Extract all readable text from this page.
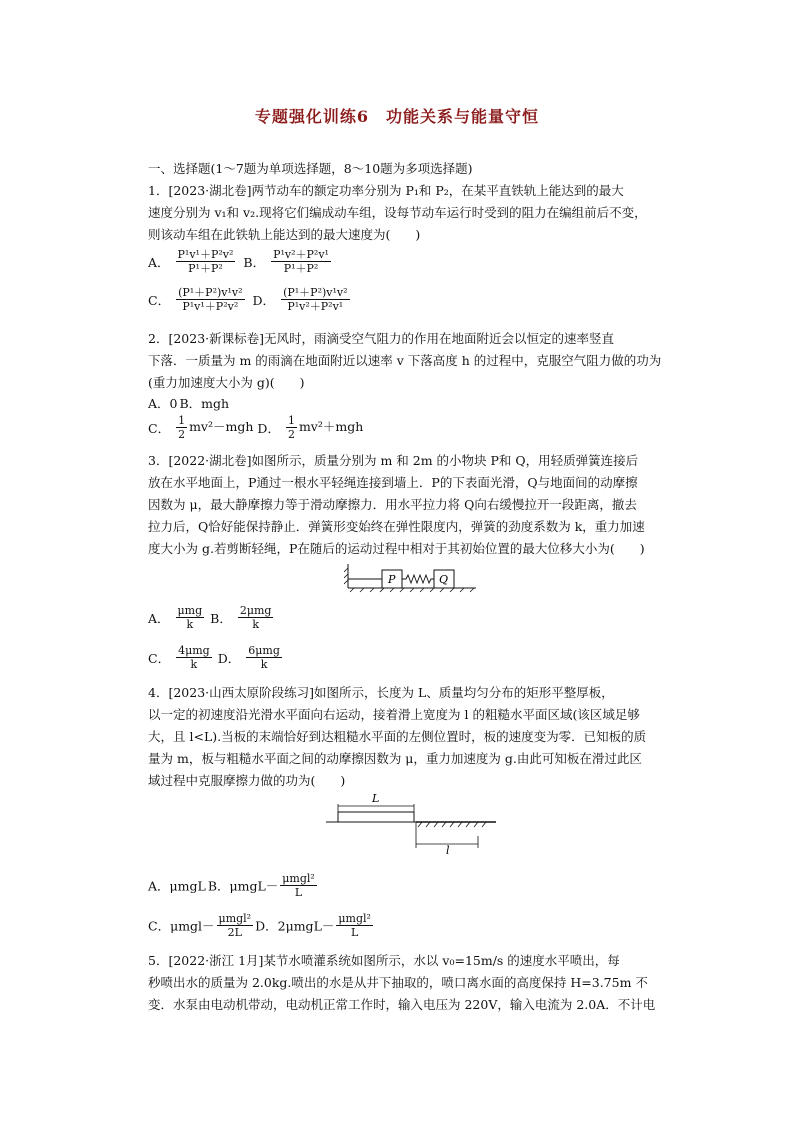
专题强化训练6　功能关系与能量守恒
一、选择题(1～7题为单项选择题，8～10题为多项选择题)
1．[2023·湖北卷]两节动车的额定功率分别为 P₁和 P₂，在某平直铁轨上能达到的最大
速度分别为 v₁和 v₂.现将它们编成动车组，设每节动车运行时受到的阻力在编组前后不变，
则该动车组在此铁轨上能达到的最大速度为(　　)
A． $\frac{\text{P¹v¹＋P²v²}}{\text{P¹＋P²}}$ B． $\frac{\text{P¹v²＋P²v¹}}{\text{P¹＋P²}}$
C． $\frac{\text{(P¹＋P²)v¹v²}}{\text{P¹v¹＋P²v²}}$ D． $\frac{\text{(P¹＋P²)v¹v²}}{\text{P¹v²＋P²v¹}}$
2．[2023·新课标卷]无风时，雨滴受空气阻力的作用在地面附近会以恒定的速率竖直
下落．一质量为 m 的雨滴在地面附近以速率 v 下落高度 h 的过程中，克服空气阻力做的功为
(重力加速度大小为 g)(　　)
A．0 B．mgh
C． $\frac{1}{2} mv^2-mgh$ D． $\frac{1}{2} mv^2+mgh$
3．[2022·湖北卷]如图所示，质量分别为 m 和 2m 的小物块 P和 Q，用轻质弹簧连接后
放在水平地面上，P通过一根水平轻绳连接到墙上．P的下表面光滑，Q与地面间的动摩擦
因数为 μ，最大静摩擦力等于滑动摩擦力．用水平拉力将 Q向右缓慢拉开一段距离，撤去
拉力后，Q恰好能保持静止．弹簧形变始终在弹性限度内，弹簧的劲度系数为 k，重力加速
度大小为 g.若剪断轻绳，P在随后的运动过程中相对于其初始位置的最大位移大小为(　　)
P	Q
A． $\frac{\text{μmg}}{k}$ B． $\frac{\text{2μmg}}{k}$
C． $\frac{\text{4μmg}}{k}$ D． $\frac{\text{6μmg}}{k}$
4．[2023·山西太原阶段练习]如图所示，长度为 L、质量均匀分布的矩形平整厚板，
以一定的初速度沿光滑水平面向右运动，接着滑上宽度为 l 的粗糙水平面区域(该区域足够
大，且 l<L).当板的末端恰好到达粗糙水平面的左侧位置时，板的速度变为零．已知板的质
量为 m，板与粗糙水平面之间的动摩擦因数为 μ，重力加速度为 g.由此可知板在滑过此区
域过程中克服摩擦力做的功为(　　)
L
l
A．μmgL B．$\mu mgL- \frac{\text{μmgl²}}{L}$
C．$\mu mgl- \frac{\text{μmgl²}}{2L}$ D．$2\mu mgL- \frac{\text{μmgl²}}{L}$
5．[2022·浙江 1月]某节水喷灌系统如图所示，水以 v₀=15m/s 的速度水平喷出，每
秒喷出水的质量为 2.0kg.喷出的水是从井下抽取的，喷口离水面的高度保持 H=3.75m 不
变．水泵由电动机带动，电动机正常工作时，输入电压为 220V，输入电流为 2.0A．不计电
